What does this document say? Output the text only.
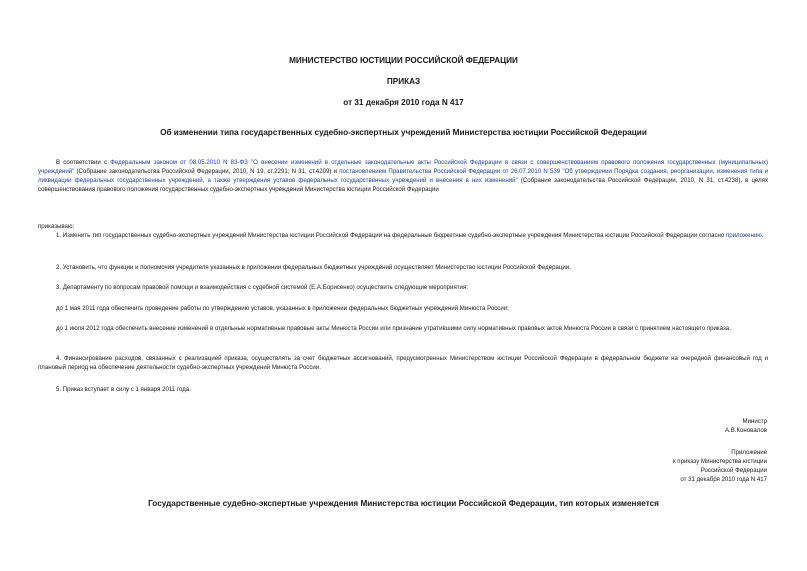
МИНИСТЕРСТВО ЮСТИЦИИ РОССИЙСКОЙ ФЕДЕРАЦИИ
ПРИКАЗ
от 31 декабря 2010 года N 417
Об изменении типа государственных судебно-экспертных учреждений Министерства юстиции Российской Федерации
В соответствии с Федеральным законом от 08.05.2010 N 83-ФЗ "О внесении изменений в отдельные законодательные акты Российской Федерации в связи с совершенствованием правового положения государственных (муниципальных) учреждений" (Собрание законодательства Российской Федерации, 2010, N 19, ст.2291; N 31, ст.4209) и постановлением Правительства Российской Федерации от 26.07.2010 N 539 "Об утверждении Порядка создания, реорганизации, изменения типа и ликвидации федеральных государственных учреждений, а также утверждения уставов федеральных государственных учреждений и внесения в них изменений" (Собрание законодательства Российской Федерации, 2010, N 31, ст.4238), в целях совершенствования правового положения государственных судебно-экспертных учреждений Министерства юстиции Российской Федерации
приказываю:
1. Изменить тип государственных судебно-экспертных учреждений Министерства юстиции Российской Федерации на федеральные бюджетные судебно-экспертные учреждения Министерства юстиции Российской Федерации согласно приложению.
2. Установить, что функции и полномочия учредителя указанных в приложении федеральных бюджетных учреждений осуществляет Министерство юстиции Российской Федерации.
3. Департаменту по вопросам правовой помощи и взаимодействия с судебной системой (Е.А.Борисенко) осуществить следующие мероприятия:
до 1 мая 2011 года обеспечить проведение работы по утверждению уставов, указанных в приложении федеральных бюджетных учреждений Минюста России;
до 1 июля 2012 года обеспечить внесение изменений в отдельные нормативные правовые акты Минюста России или признание утратившими силу нормативных правовых актов Минюста России в связи с принятием настоящего приказа.
4. Финансирование расходов, связанных с реализацией приказа, осуществлять за счет бюджетных ассигнований, предусмотренных Министерством юстиции Российской Федерации в федеральном бюджете на очередной финансовый год и плановый период на обеспечение деятельности судебно-экспертных учреждений Минюста России.
5. Приказ вступает в силу с 1 января 2011 года.
Министр
А.В.Коновалов
Приложение
к приказу Министерства юстиции
Российской Федерации
от 31 декабря 2010 года N 417
Государственные судебно-экспертные учреждения Министерства юстиции Российской Федерации, тип которых изменяется
